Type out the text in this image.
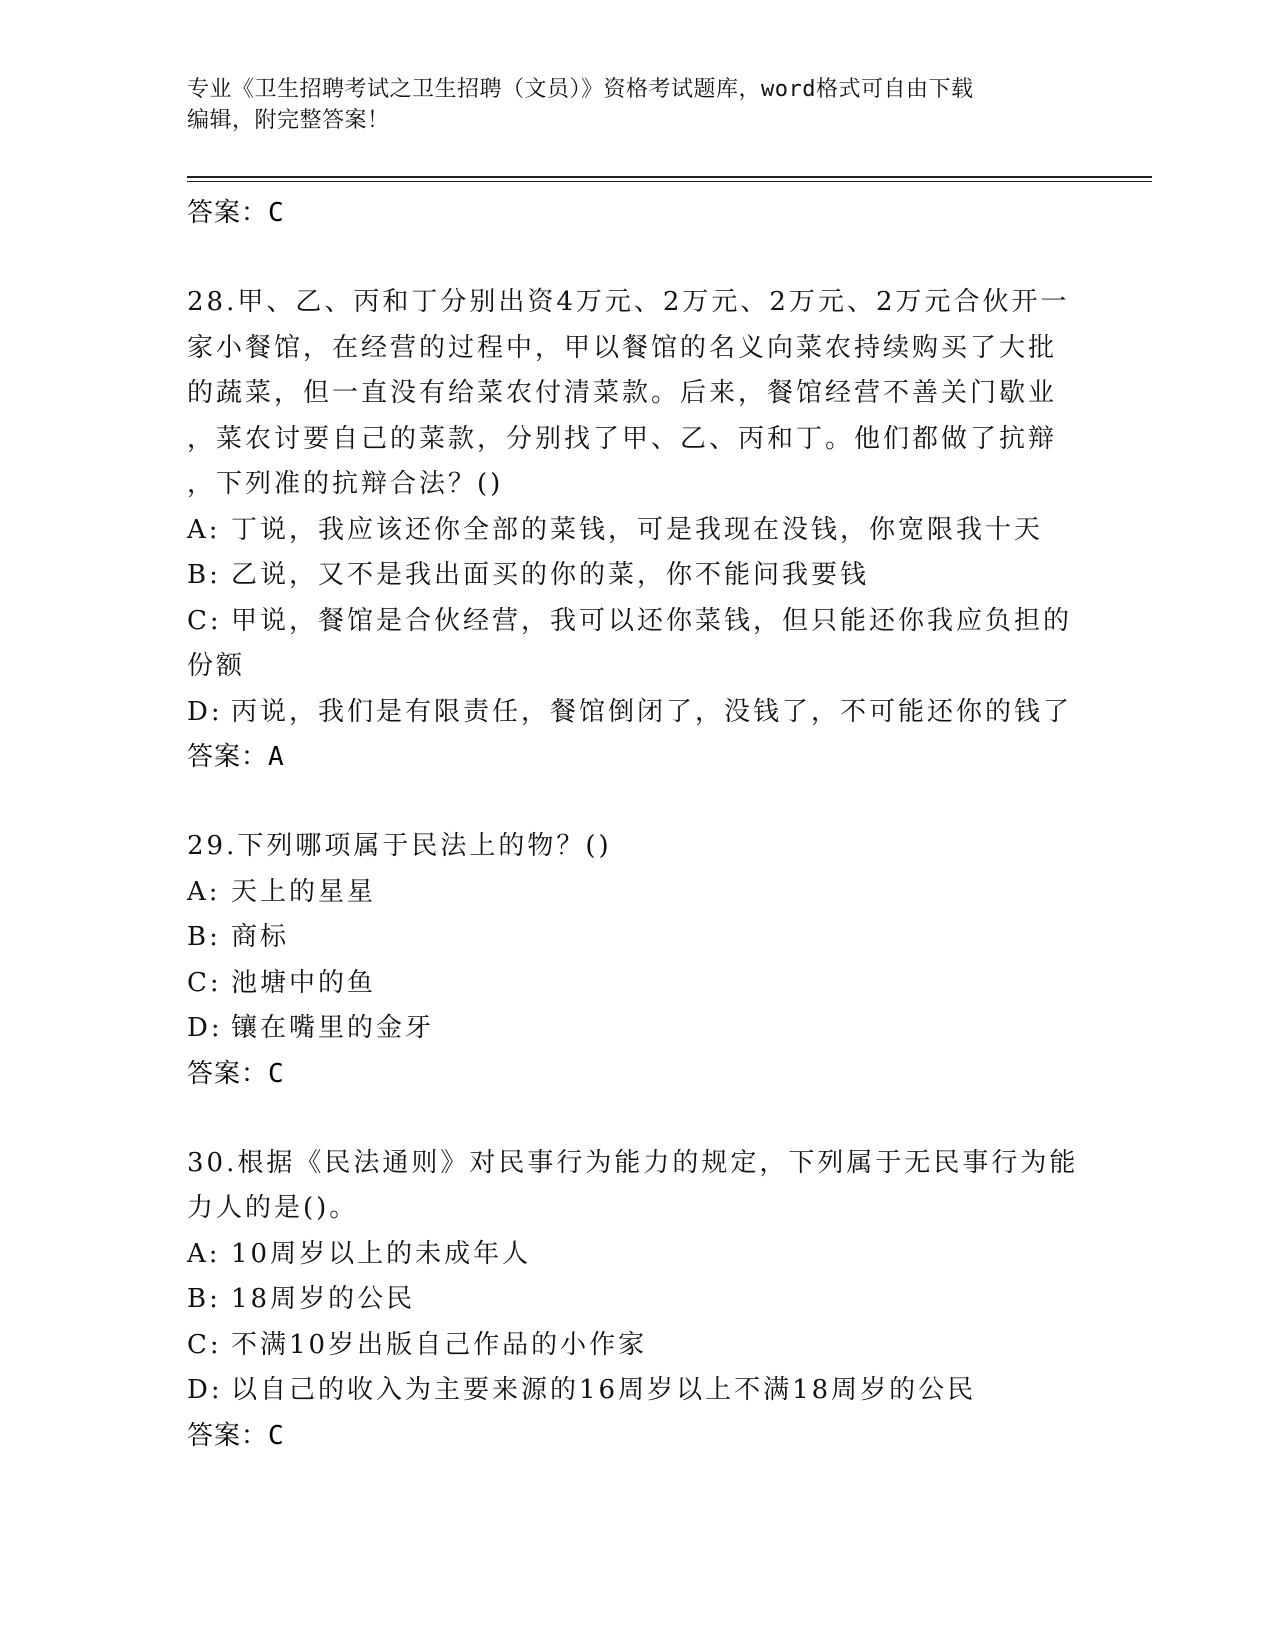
专业《卫生招聘考试之卫生招聘（文员）》资格考试题库，word格式可自由下载
编辑，附完整答案！
答案：C
28.甲、乙、丙和丁分别出资4万元、2万元、2万元、2万元合伙开一
家小餐馆，在经营的过程中，甲以餐馆的名义向菜农持续购买了大批
的蔬菜，但一直没有给菜农付清菜款。后来，餐馆经营不善关门歇业
，菜农讨要自己的菜款，分别找了甲、乙、丙和丁。他们都做了抗辩
，下列准的抗辩合法？()
A: 丁说，我应该还你全部的菜钱，可是我现在没钱，你宽限我十天
B: 乙说，又不是我出面买的你的菜，你不能问我要钱
C: 甲说，餐馆是合伙经营，我可以还你菜钱，但只能还你我应负担的
份额
D: 丙说，我们是有限责任，餐馆倒闭了，没钱了，不可能还你的钱了
答案：A
29.下列哪项属于民法上的物？()
A: 天上的星星
B: 商标
C: 池塘中的鱼
D: 镶在嘴里的金牙
答案：C
30.根据《民法通则》对民事行为能力的规定，下列属于无民事行为能
力人的是()。
A: 10周岁以上的未成年人
B: 18周岁的公民
C: 不满10岁出版自己作品的小作家
D: 以自己的收入为主要来源的16周岁以上不满18周岁的公民
答案：C
